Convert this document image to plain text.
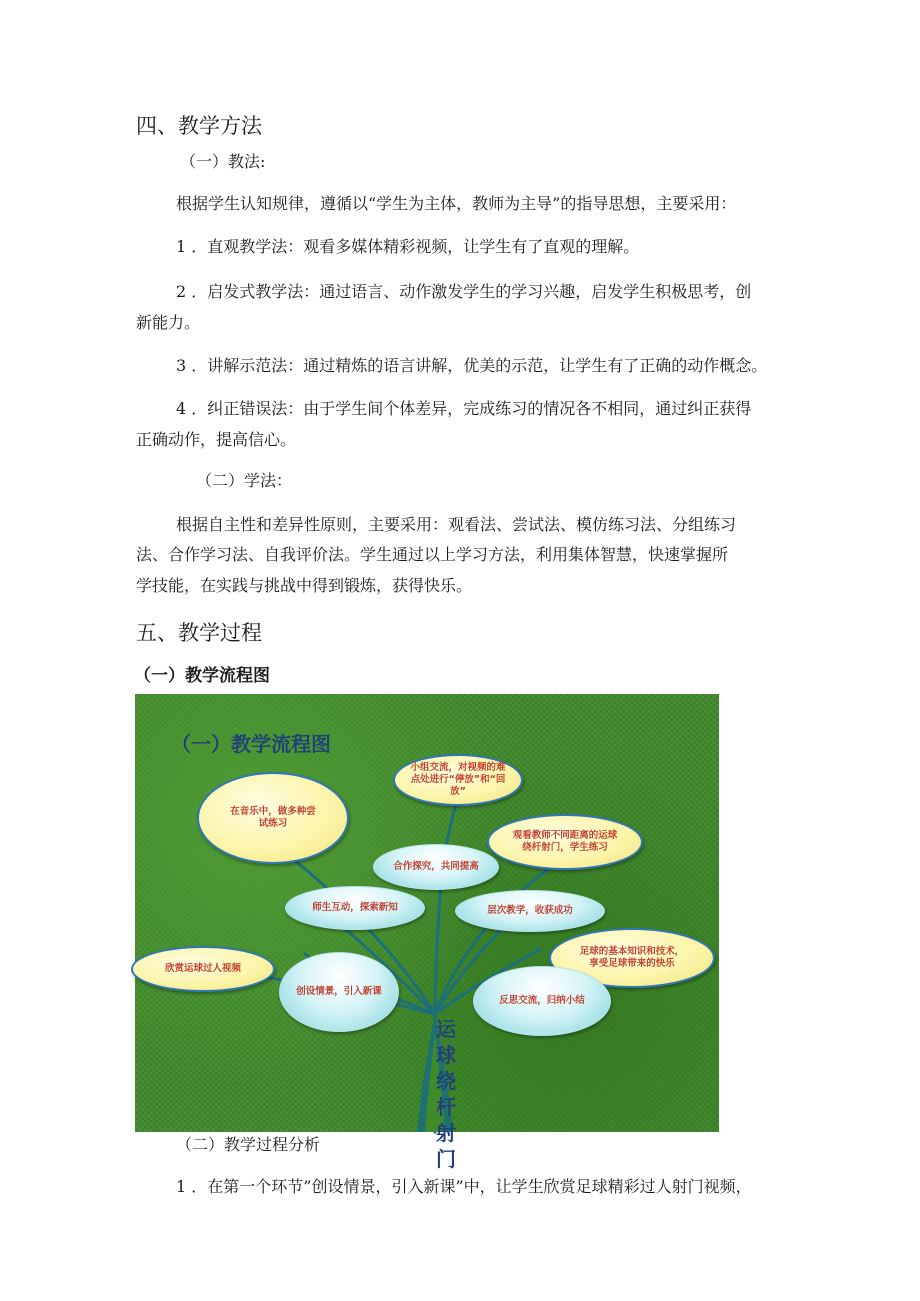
四、教学方法
（一）教法:
根据学生认知规律，遵循以“学生为主体，教师为主导”的指导思想，主要采用：
1 ．直观教学法：观看多媒体精彩视频，让学生有了直观的理解。
2 ．启发式教学法：通过语言、动作激发学生的学习兴趣，启发学生积极思考，创
新能力。
3 ．讲解示范法：通过精炼的语言讲解，优美的示范，让学生有了正确的动作概念。
4 ．纠正错误法：由于学生间个体差异，完成练习的情况各不相同，通过纠正获得
正确动作，提高信心。
（二）学法：
根据自主性和差异性原则，主要采用：观看法、尝试法、模仿练习法、分组练习
法、合作学习法、自我评价法。学生通过以上学习方法，利用集体智慧，快速掌握所
学技能，在实践与挑战中得到锻炼，获得快乐。
五、教学过程
（一）教学流程图
（一）教学流程图
小组交流，对视频的难点处进行“停放”和“回放”
在音乐中，做多种尝试练习
观看教师不同距离的运球绕杆射门，学生练习
合作探究，共同提高
师生互动，探索新知	层次教学，收获成功
足球的基本知识和技术，享受足球带来的快乐
欣赏运球过人视频
创设情景，引入新课
反思交流，归纳小结
运球绕杆射门
（二）教学过程分析
1 ．在第一个环节”创设情景，引入新课”中，让学生欣赏足球精彩过人射门视频，
